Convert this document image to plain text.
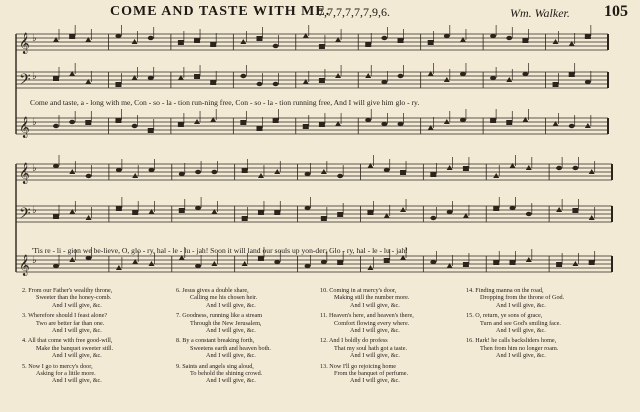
COME AND TASTE WITH ME.
7,7,7,7,7,7,9,6.	Wm. Walker. 105
𝄞 ♭
𝄢 ♭
𝄞 ♭
𝄞 ♭
𝄢 ♭
𝄞 ♭
Come and taste, a - long with me, Con - so - la - tion run-ning free, Con - so - la - tion running free, And I will give him glo - ry.
'Tis re - li - gion we be-lieve, O, glo - ry, hal - le - lu - jah! Soon it will land our souls up yon-der; Glo - ry, hal - le - lu - jah!
2. From our Father's wealthy throne,
Sweeter than the honey-comb.
And I will give, &c.
3. Wherefore should I feast alone?
Two are better far than one.
And I will give, &c.
4. All that come with free good-will,
Make the banquet sweeter still.
And I will give, &c.
5. Now I go to mercy's door,
Asking for a little more.
And I will give, &c.
6. Jesus gives a double share,
Calling me his chosen heir.
And I will give, &c.
7. Goodness, running like a stream
Through the New Jerusalem,
And I will give, &c.
8. By a constant breaking forth,
Sweetens earth and heaven both.
And I will give, &c.
9. Saints and angels sing aloud,
To behold the shining crowd.
And I will give, &c.
10. Coming in at mercy's door,
Making still the number more.
And I will give, &c.
11. Heaven's here, and heaven's there,
Comfort flowing every where.
And I will give, &c.
12. And I boldly do profess
That my soul hath got a taste.
And I will give, &c.
13. Now I'll go rejoicing home
From the banquet of perfume.
And I will give, &c.
14. Finding manna on the road,
Dropping from the throne of God.
And I will give, &c.
15. O, return, ye sons of grace,
Turn and see God's smiling face.
And I will give, &c.
16. Hark! he calls backsliders home,
Then from him no longer roam.
And I will give, &c.
